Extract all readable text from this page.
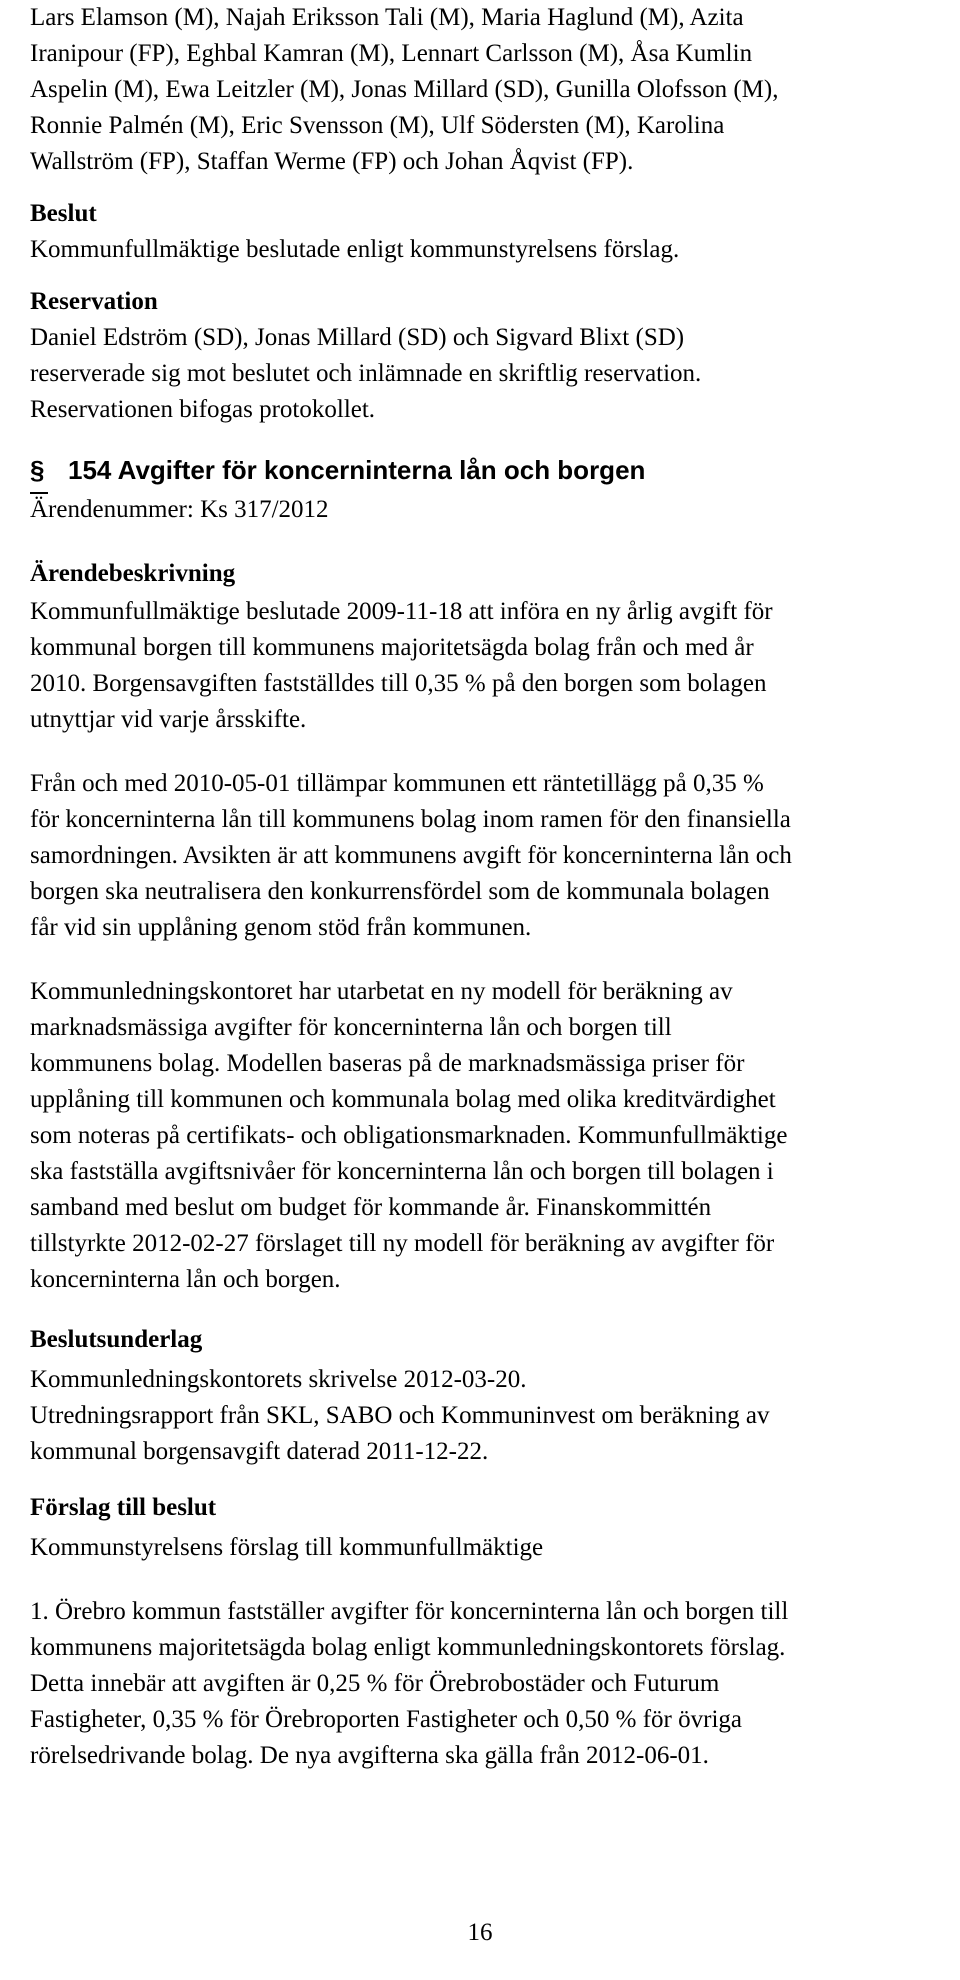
Lars Elamson (M), Najah Eriksson Tali (M), Maria Haglund (M), Azita
Iranipour (FP), Eghbal Kamran (M), Lennart Carlsson (M), Åsa Kumlin
Aspelin (M), Ewa Leitzler (M), Jonas Millard (SD), Gunilla Olofsson (M),
Ronnie Palmén (M), Eric Svensson (M), Ulf Södersten (M), Karolina
Wallström (FP), Staffan Werme (FP) och Johan Åqvist (FP).

Beslut

Kommunfullmäktige beslutade enligt kommunstyrelsens förslag.

Reservation

Daniel Edström (SD), Jonas Millard (SD) och Sigvard Blixt (SD)
reserverade sig mot beslutet och inlämnade en skriftlig reservation.
Reservationen bifogas protokollet.

§ 154 Avgifter för koncerninterna lån och borgen

Ärendenummer: Ks 317/2012

Ärendebeskrivning

Kommunfullmäktige beslutade 2009-11-18 att införa en ny årlig avgift för
kommunal borgen till kommunens majoritetsägda bolag från och med år
2010. Borgensavgiften fastställdes till 0,35 % på den borgen som bolagen
utnyttjar vid varje årsskifte.

Från och med 2010-05-01 tillämpar kommunen ett räntetillägg på 0,35 %
för koncerninterna lån till kommunens bolag inom ramen för den finansiella
samordningen. Avsikten är att kommunens avgift för koncerninterna lån och
borgen ska neutralisera den konkurrensfördel som de kommunala bolagen
får vid sin upplåning genom stöd från kommunen.

Kommunledningskontoret har utarbetat en ny modell för beräkning av
marknadsmässiga avgifter för koncerninterna lån och borgen till
kommunens bolag. Modellen baseras på de marknadsmässiga priser för
upplåning till kommunen och kommunala bolag med olika kreditvärdighet
som noteras på certifikats- och obligationsmarknaden. Kommunfullmäktige
ska fastställa avgiftsnivåer för koncerninterna lån och borgen till bolagen i
samband med beslut om budget för kommande år. Finanskommittén
tillstyrkte 2012-02-27 förslaget till ny modell för beräkning av avgifter för
koncerninterna lån och borgen.

Beslutsunderlag

Kommunledningskontorets skrivelse 2012-03-20.

Utredningsrapport från SKL, SABO och Kommuninvest om beräkning av
kommunal borgensavgift daterad 2011-12-22.

Förslag till beslut

Kommunstyrelsens förslag till kommunfullmäktige

1. Örebro kommun fastställer avgifter för koncerninterna lån och borgen till
kommunens majoritetsägda bolag enligt kommunledningskontorets förslag.
Detta innebär att avgiften är 0,25 % för Örebrobostäder och Futurum
Fastigheter, 0,35 % för Örebroporten Fastigheter och 0,50 % för övriga
rörelsedrivande bolag. De nya avgifterna ska gälla från 2012-06-01.

16
